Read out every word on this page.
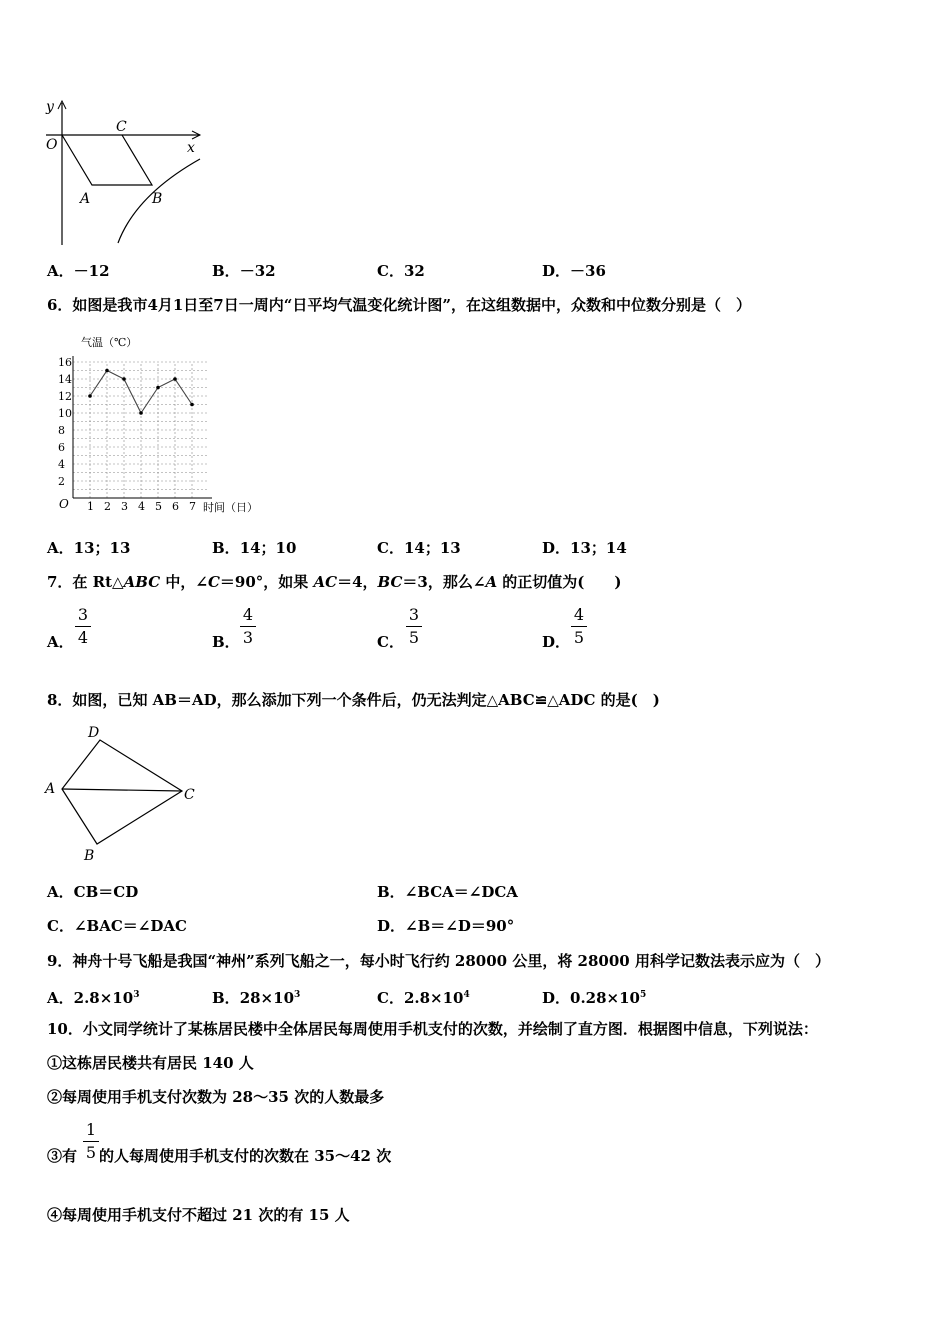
y
x
O
C
A	B
A．－12	B．－32	C．32	D．－36
6．如图是我市4月1日至7日一周内“日平均气温变化统计图”，在这组数据中，众数和中位数分别是（　）
2
4
6
8
10
12
14
16
1 2 3 4 5 6 7
气温（℃）
时间（日）
O
A．13；13	B．14；10	C．14；13	D．13；14
7．在 Rt△ABC 中，∠C＝90°，如果 AC＝4，BC＝3，那么∠A 的正切值为(　　)
A．
3
4	B．
4
3	C．
3
5	D．
4
5
8．如图，已知 AB＝AD，那么添加下列一个条件后，仍无法判定△ABC≌△ADC 的是(　)
D
A	C
B
A．CB＝CD	B．∠BCA＝∠DCA
C．∠BAC＝∠DAC	D．∠B＝∠D＝90°
9．神舟十号飞船是我国“神州”系列飞船之一，每小时飞行约 28000 公里，将 28000 用科学记数法表示应为（　）
A．$2.8\times 10^3$	B．$28\times 10^3$	C．$2.8\times 10^4$	D．$0.28\times 10^5$
10．小文同学统计了某栋居民楼中全体居民每周使用手机支付的次数，并绘制了直方图．根据图中信息，下列说法：
①这栋居民楼共有居民 140 人
②每周使用手机支付次数为 28～35 次的人数最多
③有 的人每周使用手机支付的次数在 35～42 次
1
5
④每周使用手机支付不超过 21 次的有 15 人
